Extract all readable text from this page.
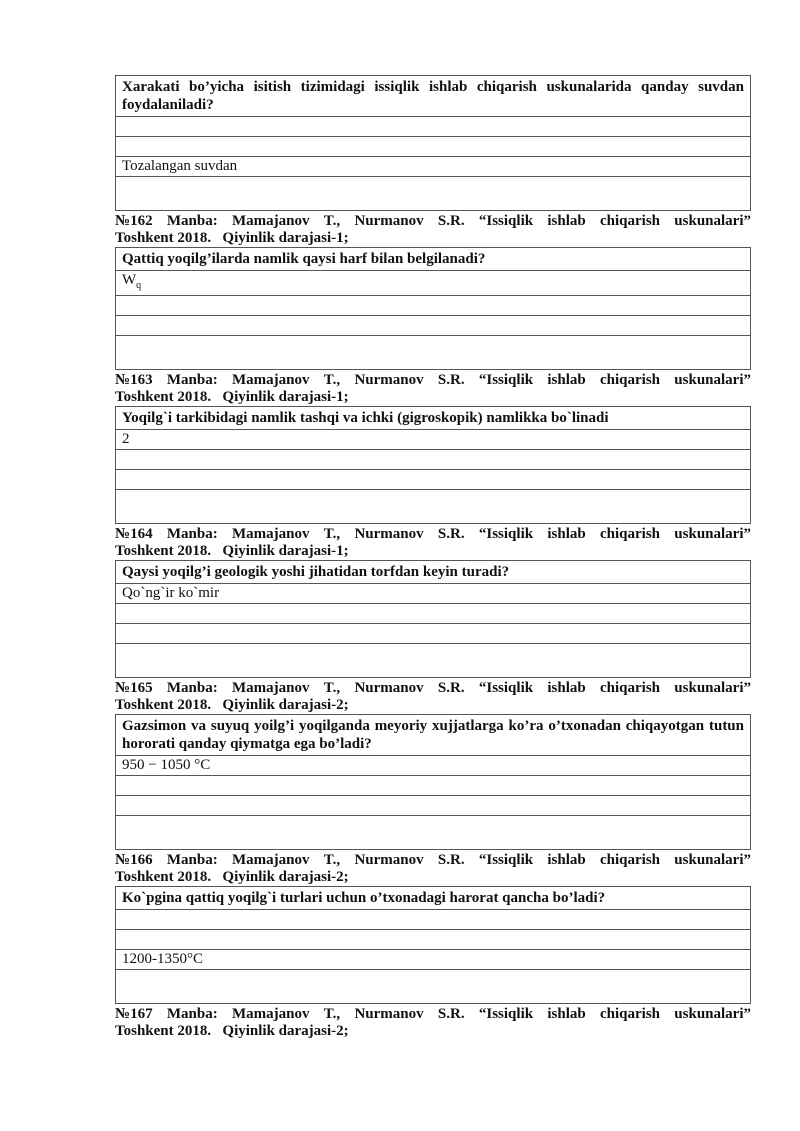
Xarakati bo’yicha isitish tizimidagi issiqlik ishlab chiqarish uskunalarida qanday suvdan foydalaniladi?

Tozalangan suvdan

№162 Manba: Mamajanov T., Nurmanov S.R. “Issiqlik ishlab chiqarish uskunalari”
Toshkent 2018.   Qiyinlik darajasi-1;
Qattiq yoqilg’ilarda namlik qaysi harf bilan belgilanadi?
$W_q$

№163 Manba: Mamajanov T., Nurmanov S.R. “Issiqlik ishlab chiqarish uskunalari”
Toshkent 2018.   Qiyinlik darajasi-1;
Yoqilg`i tarkibidagi namlik tashqi va ichki (gigroskopik) namlikka bo`linadi
2

№164 Manba: Mamajanov T., Nurmanov S.R. “Issiqlik ishlab chiqarish uskunalari”
Toshkent 2018.   Qiyinlik darajasi-1;
Qaysi yoqilg’i geologik yoshi jihatidan torfdan keyin turadi?
Qo`ng`ir ko`mir

№165 Manba: Mamajanov T., Nurmanov S.R. “Issiqlik ishlab chiqarish uskunalari”
Toshkent 2018.   Qiyinlik darajasi-2;
Gazsimon va suyuq yoilg’i yoqilganda meyoriy xujjatlarga ko’ra o’txonadan chiqayotgan tutun hororati qanday qiymatga ega bo’ladi?
950 − 1050 °C

№166 Manba: Mamajanov T., Nurmanov S.R. “Issiqlik ishlab chiqarish uskunalari”
Toshkent 2018.   Qiyinlik darajasi-2;
Ko`pgina qattiq yoqilg`i turlari uchun o’txonadagi harorat qancha bo’ladi?

1200-1350°C

№167 Manba: Mamajanov T., Nurmanov S.R. “Issiqlik ishlab chiqarish uskunalari”
Toshkent 2018.   Qiyinlik darajasi-2;
